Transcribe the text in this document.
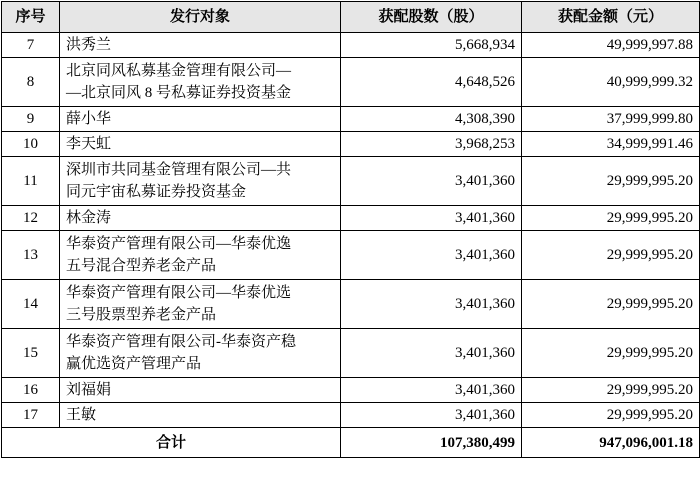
序号	发行对象	获配股数（股）	获配金额（元）
7	洪秀兰	5,668,934	49,999,997.88
8	北京同风私募基金管理有限公司—
—北京同风 8 号私募证券投资基金	4,648,526	40,999,999.32
9	薛小华	4,308,390	37,999,999.80
10	李天虹	3,968,253	34,999,991.46
11	深圳市共同基金管理有限公司—共
同元宇宙私募证券投资基金	3,401,360	29,999,995.20
12	林金涛	3,401,360	29,999,995.20
13	华泰资产管理有限公司—华泰优逸
五号混合型养老金产品	3,401,360	29,999,995.20
14	华泰资产管理有限公司—华泰优选
三号股票型养老金产品	3,401,360	29,999,995.20
15	华泰资产管理有限公司-华泰资产稳
赢优选资产管理产品	3,401,360	29,999,995.20
16	刘福娟	3,401,360	29,999,995.20
17	王敏	3,401,360	29,999,995.20
合计		107,380,499	947,096,001.18
